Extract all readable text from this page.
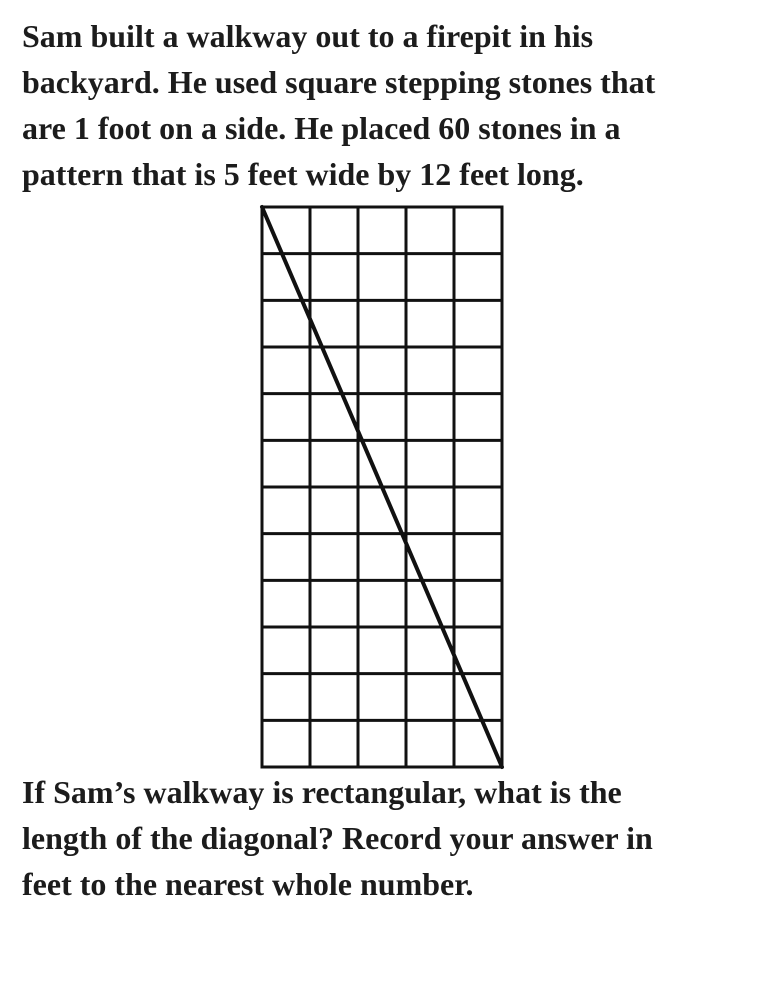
Sam built a walkway out to a firepit in his
backyard. He used square stepping stones that
are 1 foot on a side. He placed 60 stones in a
pattern that is 5 feet wide by 12 feet long.

If Sam’s walkway is rectangular, what is the
length of the diagonal? Record your answer in
feet to the nearest whole number.
